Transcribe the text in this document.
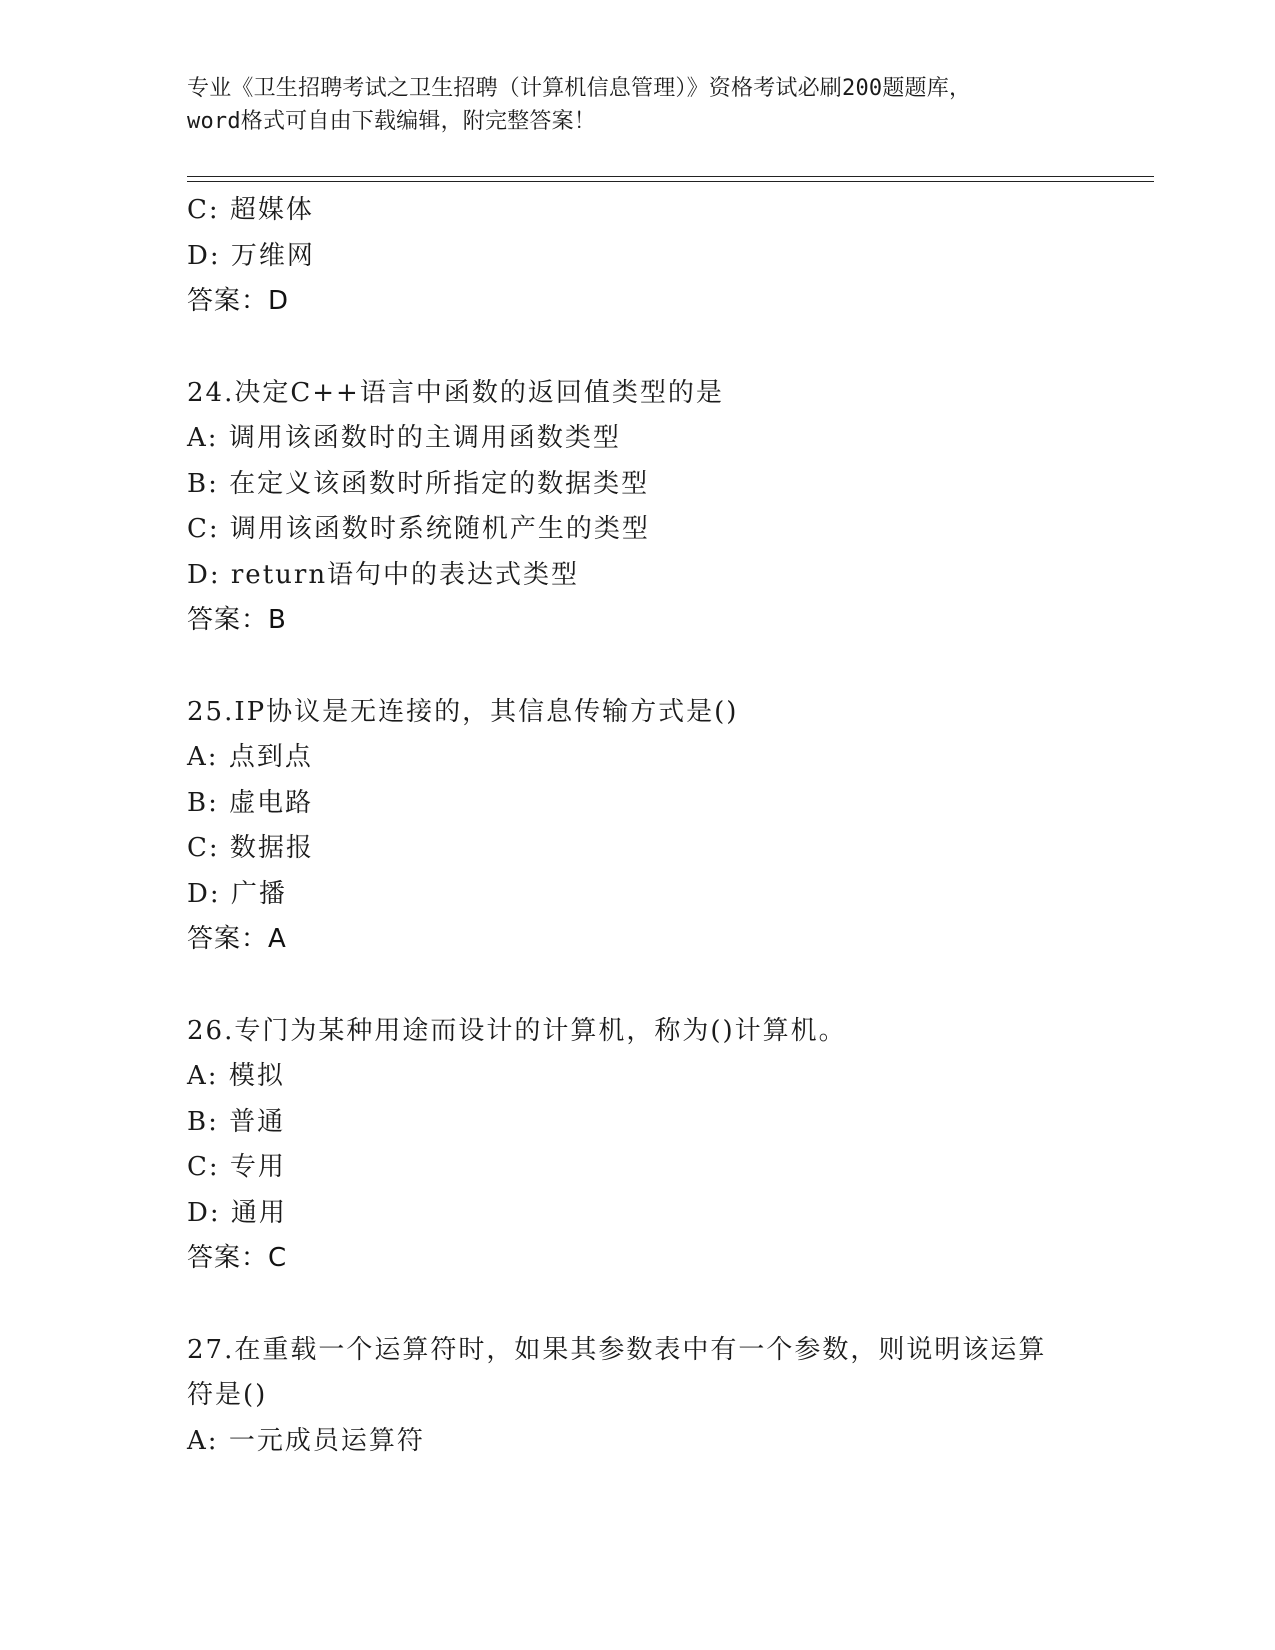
专业《卫生招聘考试之卫生招聘（计算机信息管理）》资格考试必刷200题题库，
word格式可自由下载编辑，附完整答案！
C: 超媒体
D: 万维网
答案：D
24.决定C++语言中函数的返回值类型的是
A: 调用该函数时的主调用函数类型
B: 在定义该函数时所指定的数据类型
C: 调用该函数时系统随机产生的类型
D: return语句中的表达式类型
答案：B
25.IP协议是无连接的，其信息传输方式是()
A: 点到点
B: 虚电路
C: 数据报
D: 广播
答案：A
26.专门为某种用途而设计的计算机，称为()计算机。
A: 模拟
B: 普通
C: 专用
D: 通用
答案：C
27.在重载一个运算符时，如果其参数表中有一个参数，则说明该运算符是()
A: 一元成员运算符
